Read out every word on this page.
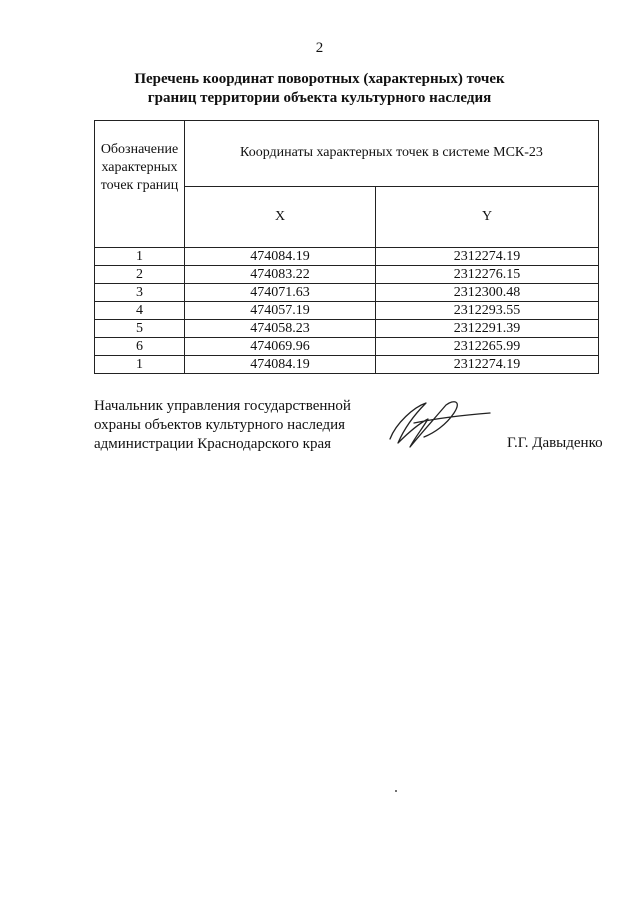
2
Перечень координат поворотных (характерных) точек
границ территории объекта культурного наследия
Обозначение
характерных
точек границ	Координаты характерных точек в системе МСК-23	
	X	Y
1	474084.19	2312274.19
2	474083.22	2312276.15
3	474071.63	2312300.48
4	474057.19	2312293.55
5	474058.23	2312291.39
6	474069.96	2312265.99
1	474084.19	2312274.19
Начальник управления государственной
охраны объектов культурного наследия
администрации Краснодарского края	Г.Г. Давыденко
